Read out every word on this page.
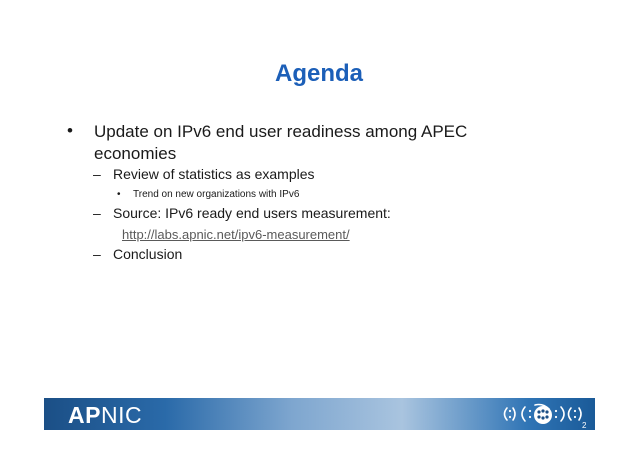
Agenda
• Update on IPv6 end user readiness among APEC economies
– Review of statistics as examples
• Trend on new organizations with IPv6
– Source: IPv6 ready end users measurement:
http://labs.apnic.net/ipv6-measurement/
– Conclusion
APNIC	2
